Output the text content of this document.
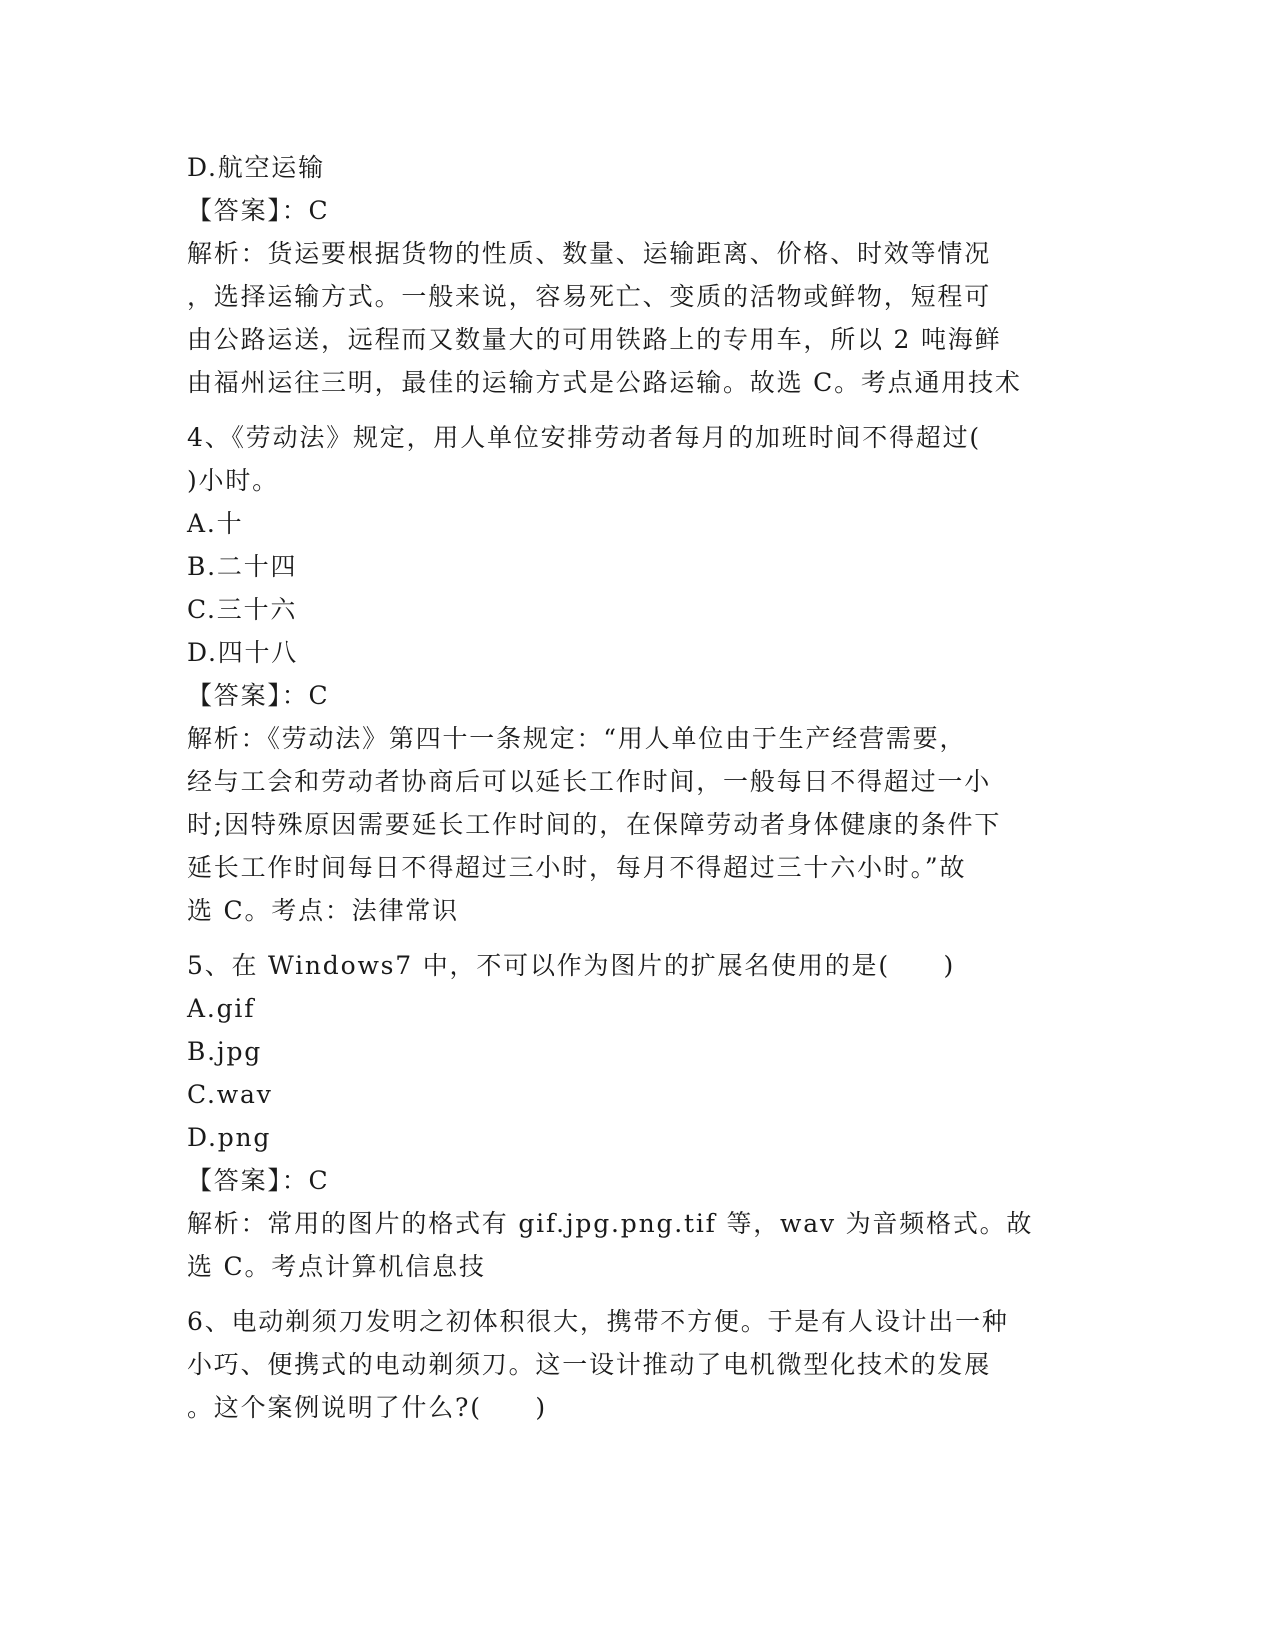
D.航空运输
【答案】：C
解析：货运要根据货物的性质、数量、运输距离、价格、时效等情况
，选择运输方式。一般来说，容易死亡、变质的活物或鲜物，短程可
由公路运送，远程而又数量大的可用铁路上的专用车，所以 2 吨海鲜
由福州运往三明，最佳的运输方式是公路运输。故选 C。考点通用技术
4、《劳动法》规定，用人单位安排劳动者每月的加班时间不得超过(
)小时。
A.十
B.二十四
C.三十六
D.四十八
【答案】：C
解析：《劳动法》第四十一条规定：“用人单位由于生产经营需要，
经与工会和劳动者协商后可以延长工作时间，一般每日不得超过一小
时;因特殊原因需要延长工作时间的，在保障劳动者身体健康的条件下
延长工作时间每日不得超过三小时，每月不得超过三十六小时。”故
选 C。考点：法律常识
5、在 Windows7 中，不可以作为图片的扩展名使用的是(　　)
A.gif
B.jpg
C.wav
D.png
【答案】：C
解析：常用的图片的格式有 gif.jpg.png.tif 等，wav 为音频格式。故
选 C。考点计算机信息技
6、电动剃须刀发明之初体积很大，携带不方便。于是有人设计出一种
小巧、便携式的电动剃须刀。这一设计推动了电机微型化技术的发展
。这个案例说明了什么?(　　)
